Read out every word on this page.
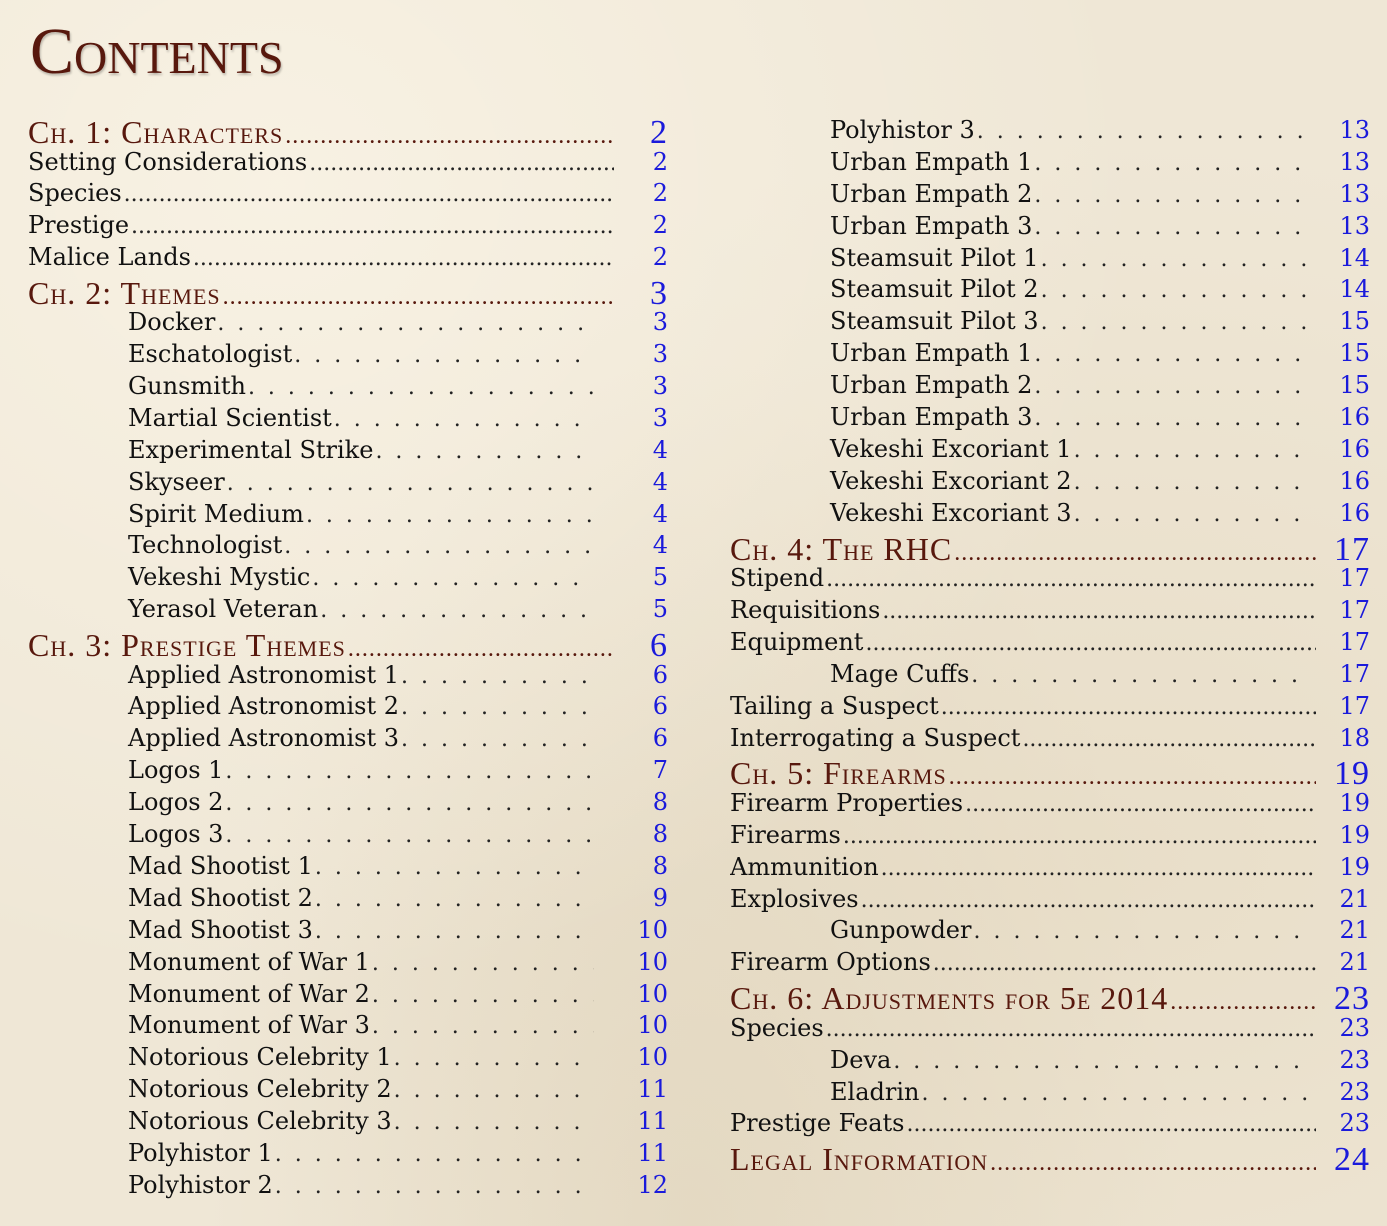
Contents
Ch. 1: Characters .....	2
Setting Considerations .....	2
Species .....	2
Prestige .....	2
Malice Lands .....	2
Ch. 2: Themes .....	3
Docker . . .	3
Eschatologist . . .	3
Gunsmith . . .	3
Martial Scientist . . .	3
Experimental Strike . . .	4
Skyseer . . .	4
Spirit Medium . . .	4
Technologist . . .	4
Vekeshi Mystic . . .	5
Yerasol Veteran . . .	5
Ch. 3: Prestige Themes .....	6
Applied Astronomist 1 . . .	6
Applied Astronomist 2 . . .	6
Applied Astronomist 3 . . .	6
Logos 1 . . .	7
Logos 2 . . .	8
Logos 3 . . .	8
Mad Shootist 1 . . .	8
Mad Shootist 2 . . .	9
Mad Shootist 3 . . .	10
Monument of War 1 . . .	10
Monument of War 2 . . .	10
Monument of War 3 . . .	10
Notorious Celebrity 1 . . .	10
Notorious Celebrity 2 . . .	11
Notorious Celebrity 3 . . .	11
Polyhistor 1 . . .	11
Polyhistor 2 . . .	12
Polyhistor 3 . . .	13
Urban Empath 1 . . .	13
Urban Empath 2 . . .	13
Urban Empath 3 . . .	13
Steamsuit Pilot 1 . . .	14
Steamsuit Pilot 2 . . .	14
Steamsuit Pilot 3 . . .	15
Urban Empath 1 . . .	15
Urban Empath 2 . . .	15
Urban Empath 3 . . .	16
Vekeshi Excoriant 1 . . .	16
Vekeshi Excoriant 2 . . .	16
Vekeshi Excoriant 3 . . .	16
Ch. 4: The RHC .....	17
Stipend .....	17
Requisitions .....	17
Equipment .....	17
Mage Cuffs . . .	17
Tailing a Suspect .....	17
Interrogating a Suspect .....	18
Ch. 5: Firearms .....	19
Firearm Properties .....	19
Firearms .....	19
Ammunition .....	19
Explosives .....	21
Gunpowder . . .	21
Firearm Options .....	21
Ch. 6: Adjustments for 5e 2014 .....	23
Species .....	23
Deva . . .	23
Eladrin . . .	23
Prestige Feats .....	23
Legal Information .....	24
